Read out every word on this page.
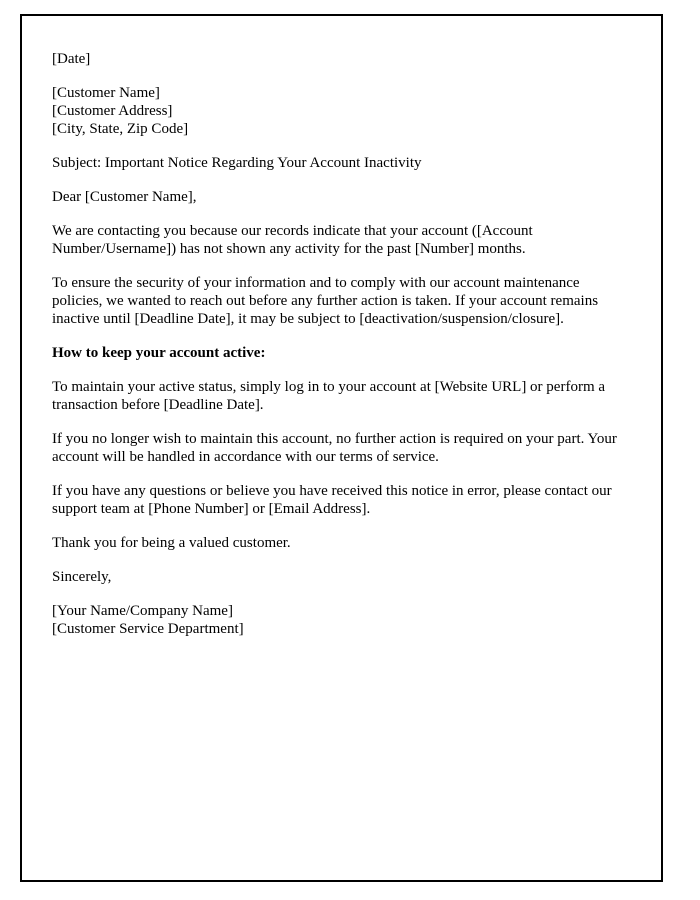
[Date]
[Customer Name]
[Customer Address]
[City, State, Zip Code]
Subject: Important Notice Regarding Your Account Inactivity
Dear [Customer Name],
We are contacting you because our records indicate that your account ([Account Number/Username]) has not shown any activity for the past [Number] months.
To ensure the security of your information and to comply with our account maintenance policies, we wanted to reach out before any further action is taken. If your account remains inactive until [Deadline Date], it may be subject to [deactivation/suspension/closure].
How to keep your account active:
To maintain your active status, simply log in to your account at [Website URL] or perform a transaction before [Deadline Date].
If you no longer wish to maintain this account, no further action is required on your part. Your account will be handled in accordance with our terms of service.
If you have any questions or believe you have received this notice in error, please contact our support team at [Phone Number] or [Email Address].
Thank you for being a valued customer.
Sincerely,
[Your Name/Company Name]
[Customer Service Department]
